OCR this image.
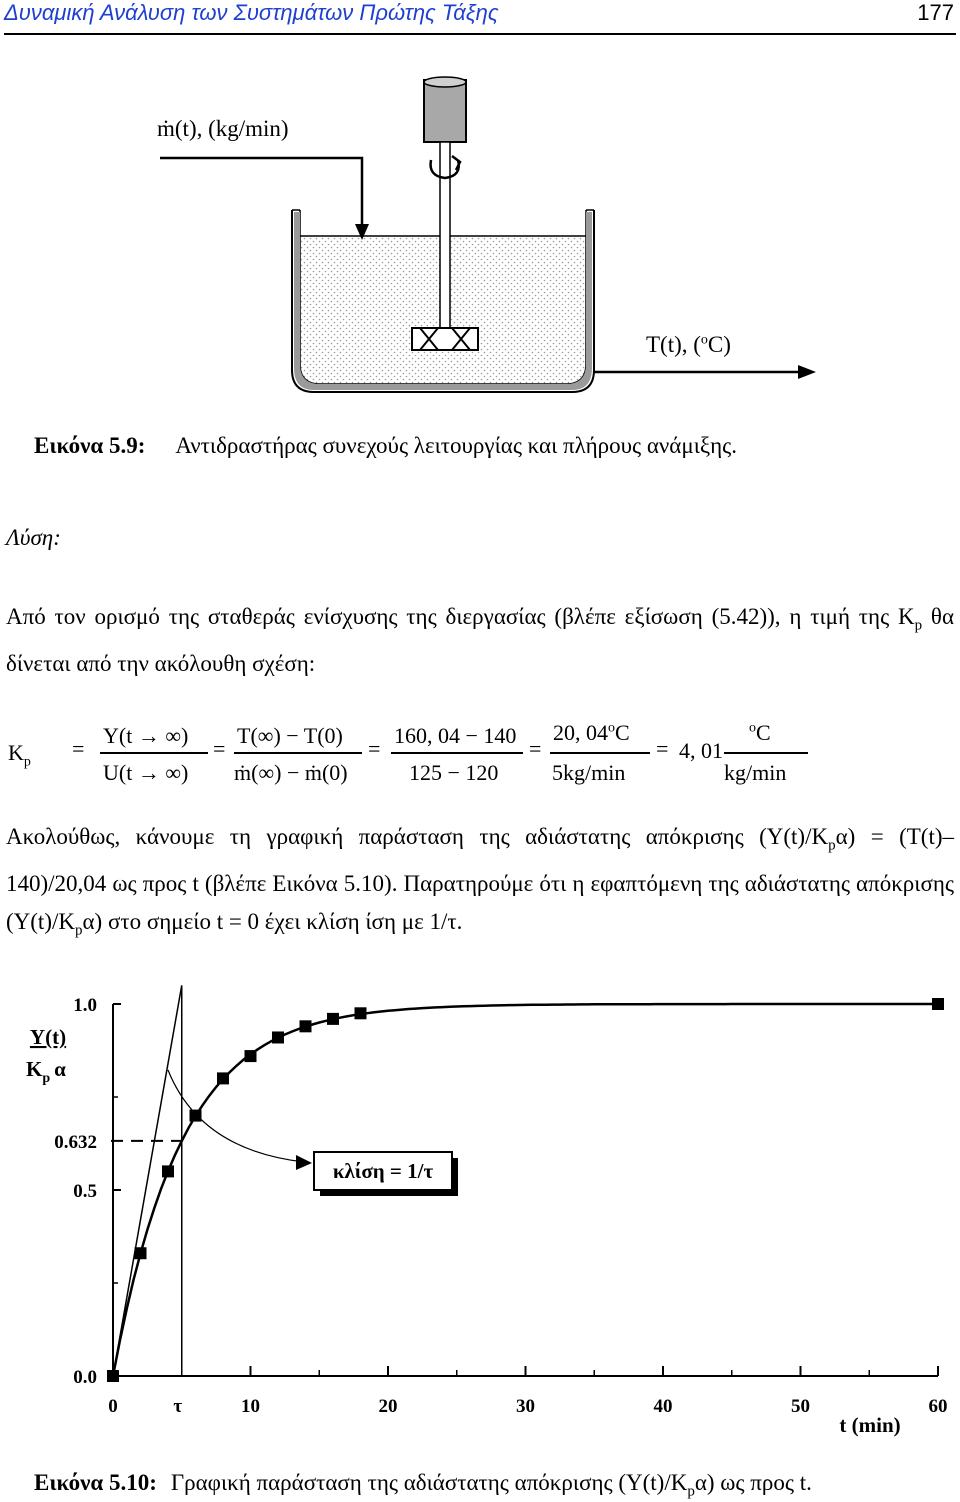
Δυναμική Ανάλυση των Συστημάτων Πρώτης Τάξης	177
ṁ(t), (kg/min)
T(t), ($^o$C)
Εικόνα 5.9: Αντιδραστήρας συνεχούς λειτουργίας και πλήρους ανάμιξης.
Λύση:
Από τον ορισμό της σταθεράς ενίσχυσης της διεργασίας (βλέπε εξίσωση (5.42)), η τιμή της $K_p$ θα δίνεται από την ακόλουθη σχέση:
$K_p$
=
Y(t → ∞)
U(t → ∞)
=
T(∞) − T(0)
ṁ(∞) − ṁ(0)
=
160, 04 − 140
125 − 120
=
20, 04$^o$C
5kg/min
= 4, 01
$^o$C
kg/min
Ακολούθως, κάνουμε τη γραφική παράσταση της αδιάστατης απόκρισης $(Y(t)/K_p\alpha) = (T(t)-140)/20,04$ ως προς t (βλέπε Εικόνα 5.10). Παρατηρούμε ότι η εφαπτόμενη της αδιάστατης απόκρισης $(Y(t)/K_p\alpha)$ στο σημείο t = 0 έχει κλίση ίση με 1/τ.
0	10	20	30	40	50	60
0.0
0.5
0.632
1.0
τ
t (min)
Y(t)
$K_p$ α
κλίση = 1/τ
Εικόνα 5.10: Γραφική παράσταση της αδιάστατης απόκρισης $(Y(t)/K_p\alpha)$ ως προς t.
